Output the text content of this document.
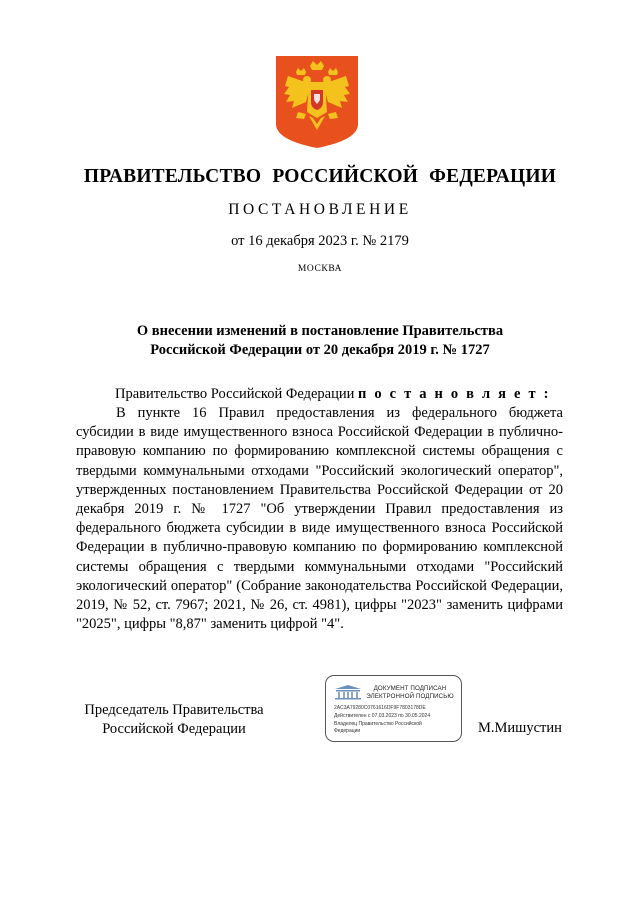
ПРАВИТЕЛЬСТВО РОССИЙСКОЙ ФЕДЕРАЦИИ
ПОСТАНОВЛЕНИЕ
от 16 декабря 2023 г. № 2179
МОСКВА
О внесении изменений в постановление Правительства
Российской Федерации от 20 декабря 2019 г. № 1727
Правительство Российской Федерации п о с т а н о в л я е т :
В пункте 16 Правил предоставления из федерального бюджета субсидии в виде имущественного взноса Российской Федерации в публично-правовую компанию по формированию комплексной системы обращения с твердыми коммунальными отходами "Российский экологический оператор", утвержденных постановлением Правительства Российской Федерации от 20 декабря 2019 г. № 1727 "Об утверждении Правил предоставления из федерального бюджета субсидии в виде имущественного взноса Российской Федерации в публично-правовую компанию по формированию комплексной системы обращения с твердыми коммунальными отходами "Российский экологический оператор" (Собрание законодательства Российской Федерации, 2019, № 52, ст. 7967; 2021, № 26, ст. 4981), цифры "2023" заменить цифрами "2025", цифры "8,87" заменить цифрой "4".
Председатель Правительства
Российской Федерации
ДОКУМЕНТ ПОДПИСАН
ЭЛЕКТРОННОЙ ПОДПИСЬЮ
2AC3A79280C0761616DF9F7803178DE
Действителен с 07.03.2023 по 30.05.2024
Владелец Правительство Российской
Федерации	М.Мишустин
